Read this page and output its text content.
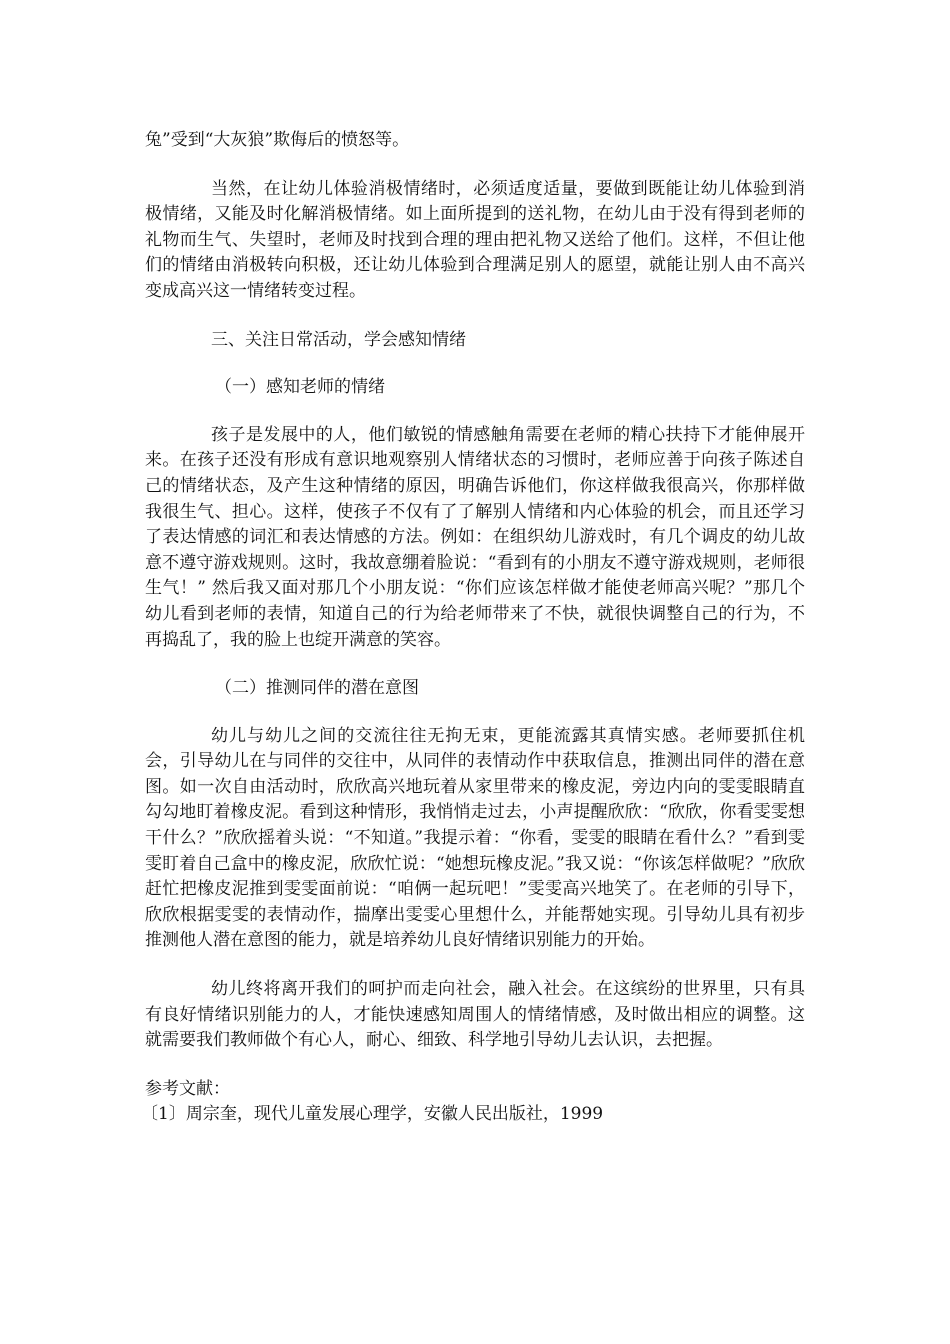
兔”受到“大灰狼”欺侮后的愤怒等。

当然，在让幼儿体验消极情绪时，必须适度适量，要做到既能让幼儿体验到消极情绪，又能及时化解消极情绪。如上面所提到的送礼物，在幼儿由于没有得到老师的礼物而生气、失望时，老师及时找到合理的理由把礼物又送给了他们。这样，不但让他们的情绪由消极转向积极，还让幼儿体验到合理满足别人的愿望，就能让别人由不高兴变成高兴这一情绪转变过程。

三、关注日常活动，学会感知情绪

（一）感知老师的情绪

孩子是发展中的人，他们敏锐的情感触角需要在老师的精心扶持下才能伸展开来。在孩子还没有形成有意识地观察别人情绪状态的习惯时，老师应善于向孩子陈述自己的情绪状态，及产生这种情绪的原因，明确告诉他们，你这样做我很高兴，你那样做我很生气、担心。这样，使孩子不仅有了了解别人情绪和内心体验的机会，而且还学习了表达情感的词汇和表达情感的方法。例如：在组织幼儿游戏时，有几个调皮的幼儿故意不遵守游戏规则。这时，我故意绷着脸说：“看到有的小朋友不遵守游戏规则，老师很生气！” 然后我又面对那几个小朋友说：“你们应该怎样做才能使老师高兴呢？”那几个幼儿看到老师的表情，知道自己的行为给老师带来了不快，就很快调整自己的行为，不再捣乱了，我的脸上也绽开满意的笑容。

（二）推测同伴的潜在意图

幼儿与幼儿之间的交流往往无拘无束，更能流露其真情实感。老师要抓住机会，引导幼儿在与同伴的交往中，从同伴的表情动作中获取信息，推测出同伴的潜在意图。如一次自由活动时，欣欣高兴地玩着从家里带来的橡皮泥，旁边内向的雯雯眼睛直勾勾地盯着橡皮泥。看到这种情形，我悄悄走过去，小声提醒欣欣：“欣欣，你看雯雯想干什么？”欣欣摇着头说：“不知道。”我提示着：“你看，雯雯的眼睛在看什么？”看到雯雯盯着自己盒中的橡皮泥，欣欣忙说：“她想玩橡皮泥。”我又说：“你该怎样做呢？”欣欣赶忙把橡皮泥推到雯雯面前说：“咱俩一起玩吧！”雯雯高兴地笑了。在老师的引导下，欣欣根据雯雯的表情动作，揣摩出雯雯心里想什么，并能帮她实现。引导幼儿具有初步推测他人潜在意图的能力，就是培养幼儿良好情绪识别能力的开始。

幼儿终将离开我们的呵护而走向社会，融入社会。在这缤纷的世界里，只有具有良好情绪识别能力的人，才能快速感知周围人的情绪情感，及时做出相应的调整。这就需要我们教师做个有心人，耐心、细致、科学地引导幼儿去认识，去把握。

参考文献：

〔1〕周宗奎，现代儿童发展心理学，安徽人民出版社，1999
